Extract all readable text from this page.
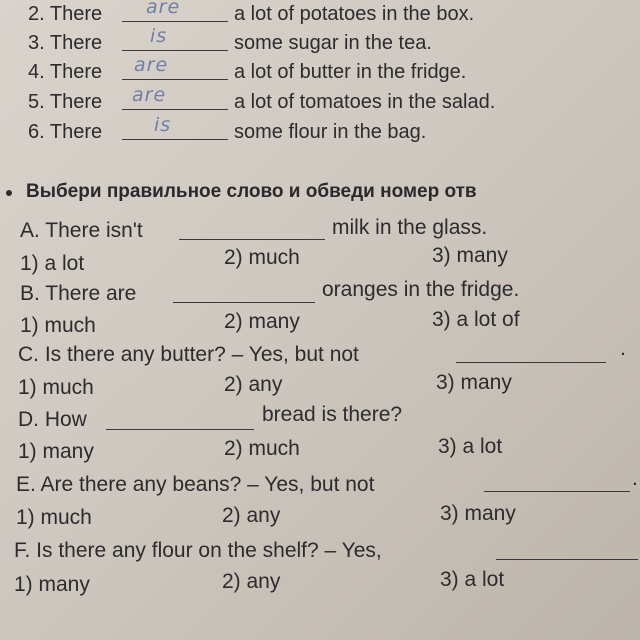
2. There are	a lot of potatoes in the box.
3. There	is	some sugar in the tea.
4. There are	a lot of butter in the fridge.
5. There are	a lot of tomatoes in the salad.
6. There	is	some flour in the bag.
Выбери правильное слово и обведи номер отв
A. There isn't	milk in the glass.
1) a lot	2) much	3) many
B. There are	oranges in the fridge.
1) much	2) many	3) a lot of
C. Is there any butter? – Yes, but not	.
1) much	2) any	3) many
D. How	bread is there?
1) many	2) much	3) a lot
E. Are there any beans? – Yes, but not	.
1) much	2) any	3) many
F. Is there any flour on the shelf? – Yes,
1) many	2) any	3) a lot
